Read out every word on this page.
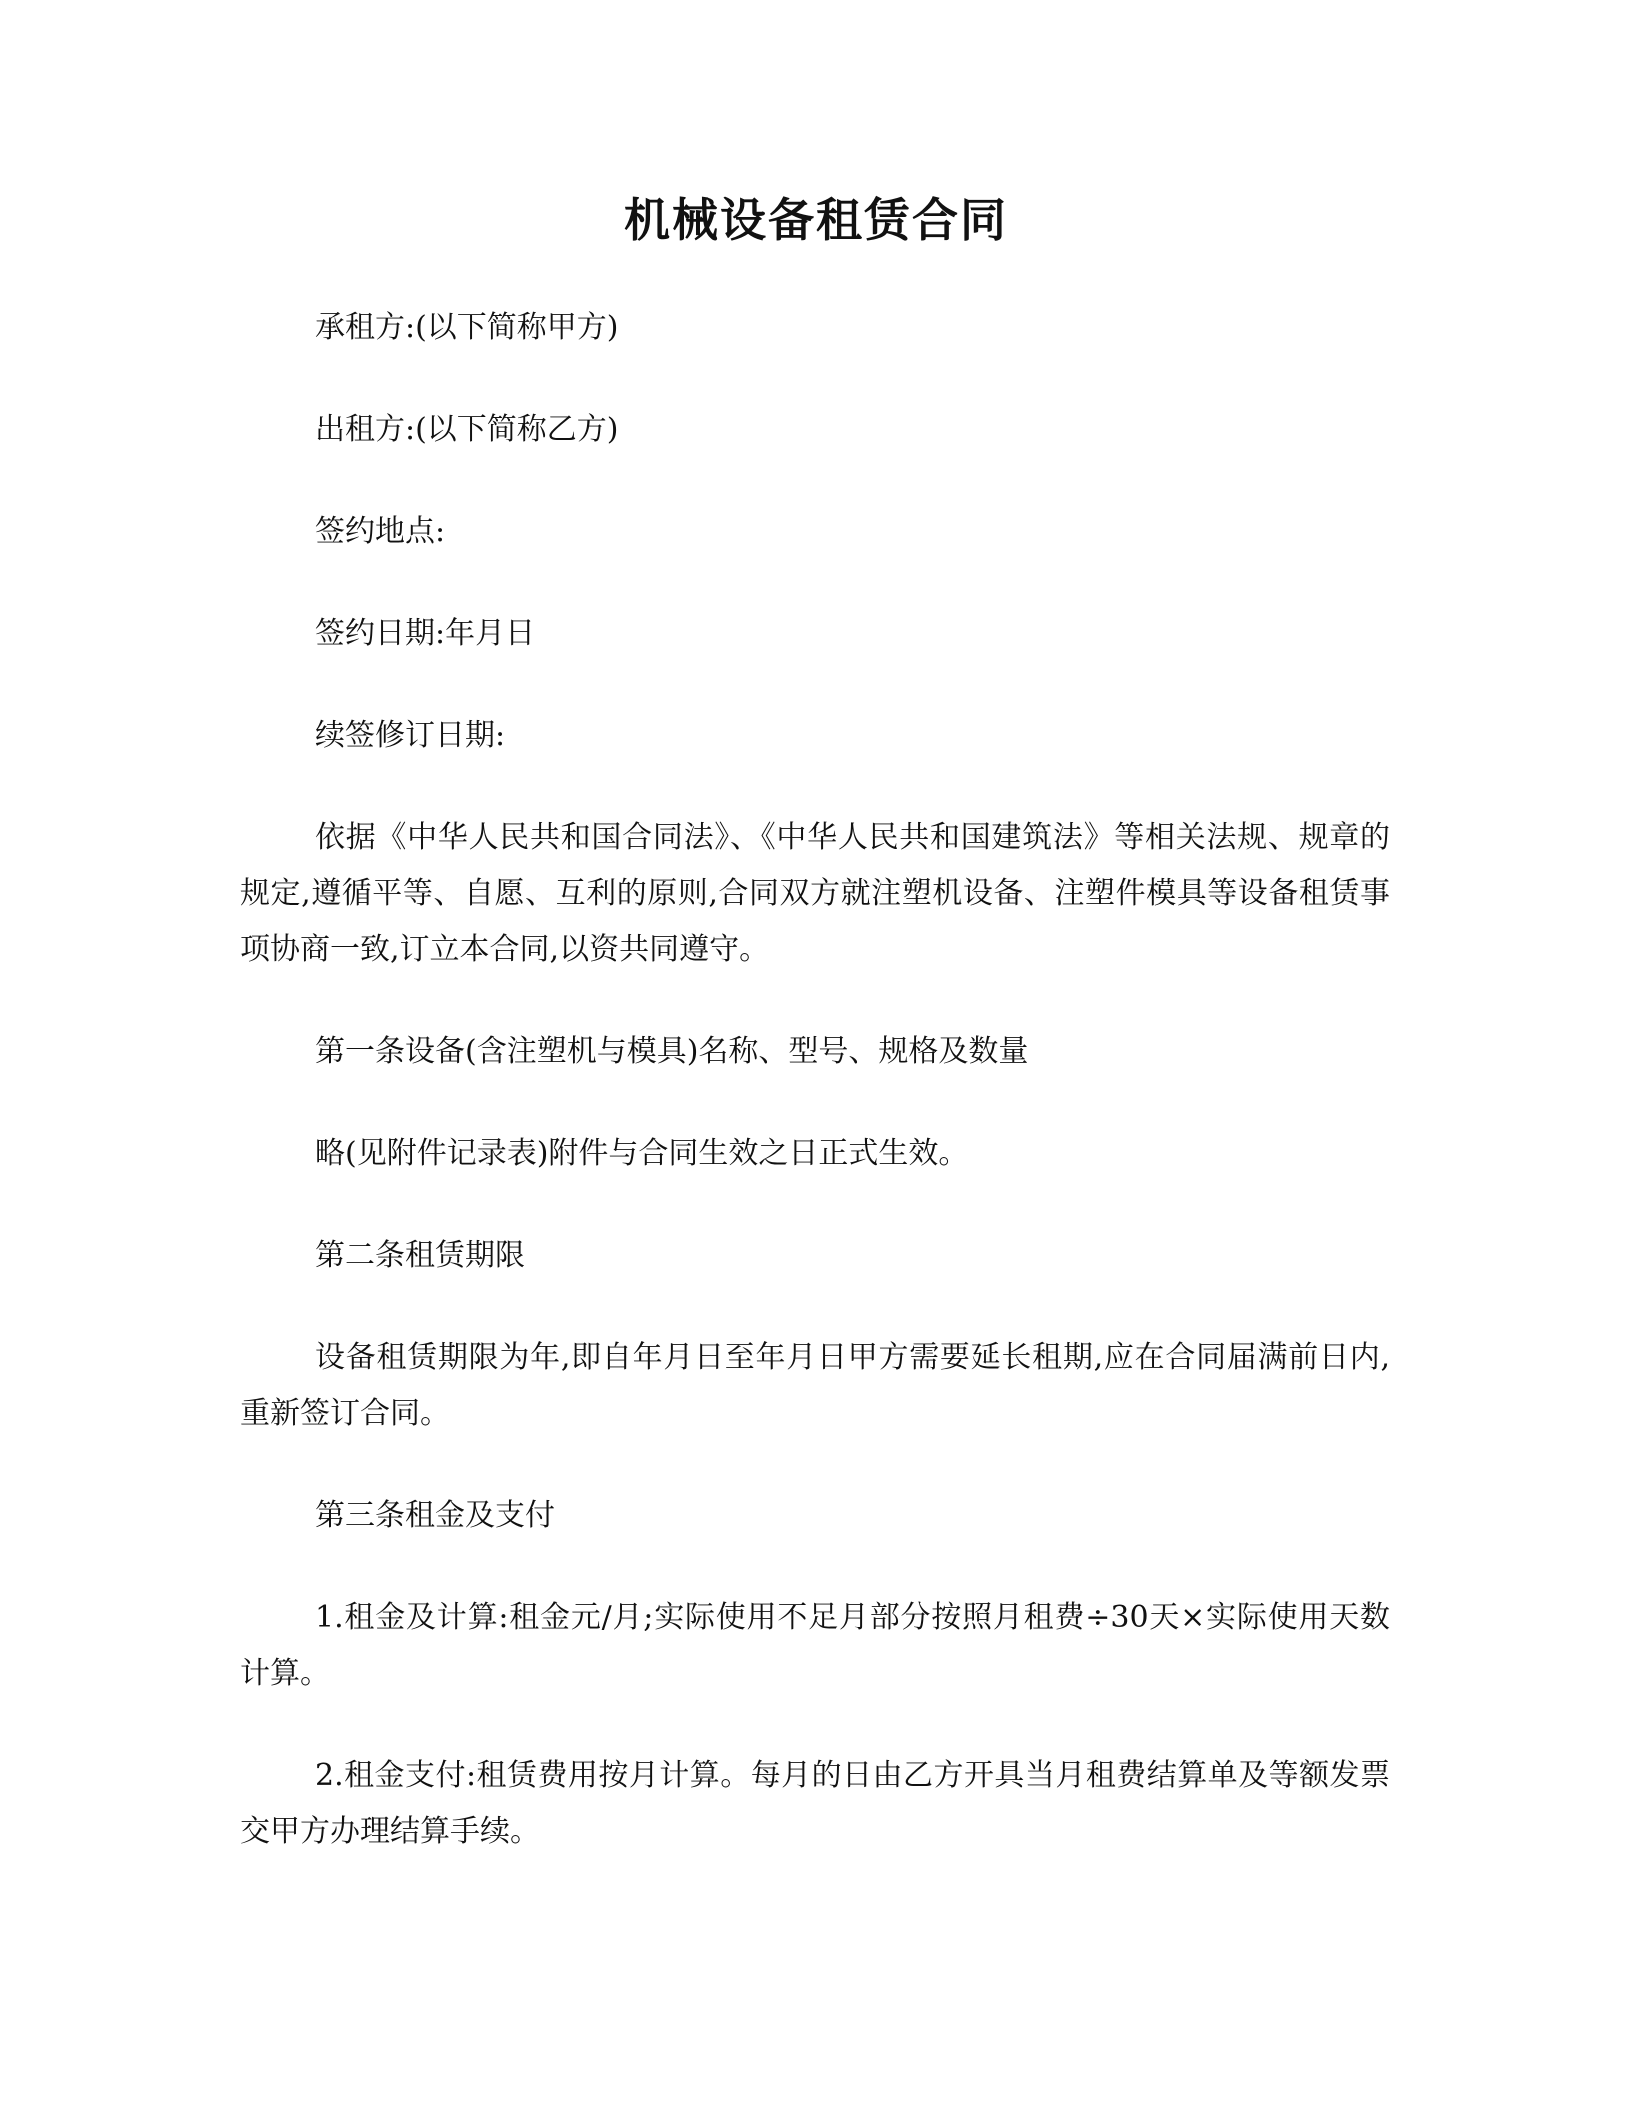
机械设备租赁合同

承租方:(以下简称甲方)

出租方:(以下简称乙方)

签约地点:

签约日期:年月日

续签修订日期:

依据《中华人民共和国合同法》、《中华人民共和国建筑法》等相关法规、规章的规定,遵循平等、自愿、互利的原则,合同双方就注塑机设备、注塑件模具等设备租赁事项协商一致,订立本合同,以资共同遵守。

第一条设备(含注塑机与模具)名称、型号、规格及数量

略(见附件记录表)附件与合同生效之日正式生效。

第二条租赁期限

设备租赁期限为年,即自年月日至年月日甲方需要延长租期,应在合同届满前日内,重新签订合同。

第三条租金及支付

1.租金及计算:租金元/月;实际使用不足月部分按照月租费÷30天×实际使用天数计算。

2.租金支付:租赁费用按月计算。每月的日由乙方开具当月租费结算单及等额发票交甲方办理结算手续。
